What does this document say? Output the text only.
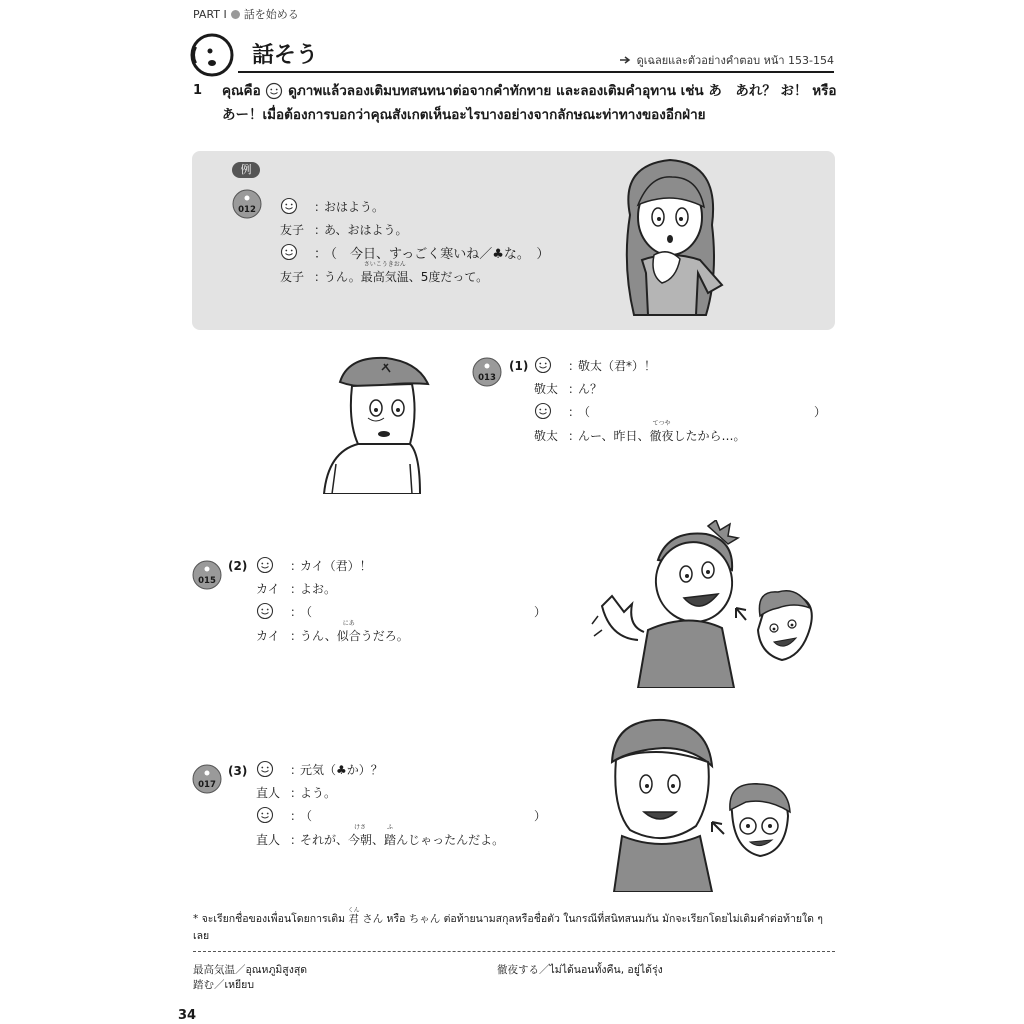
PART I 話を始める
話そう	ดูเฉลยและตัวอย่างคำตอบ หน้า 153-154
1 คุณคือ ดูภาพแล้วลองเติมบทสนทนาต่อจากคำทักทาย และลองเติมคำอุทาน เช่น あ　あれ？ お！ หรือ あー！เมื่อต้องการบอกว่าคุณสังเกตเห็นอะไรบางอย่างจากลักษณะท่าทางของอีกฝ่าย
例
012	：
おはよう。
友子 ：
あ、おはよう。
：
（　今日、すっごく寒いね／♣な。　）
友子 ：
うん。
さいこうきおん
最高気温 、5度だって。
013
(1)	：
敬太（君*）！
敬太 ：
ん？
：
（	）
敬太 ：
んー、昨日、
てつや
徹夜 したから…。
015
(2)	：
カイ（君）！
カイ ：
よお。
：
（	）
カイ ：
うん、
にあ
似合 うだろ。
017
(3)	：
元気（♣か）？
直人 ：
よう。
：
（	）
直人 ：
それが、
けさ
今朝 、
ふ
踏 んじゃったんだよ。
* จะเรียกชื่อของเพื่อนโดยการเติม
くん
君 さん หรือ ちゃん ต่อท้ายนามสกุลหรือชื่อตัว ในกรณีที่สนิทสนมกัน มักจะเรียกโดยไม่เติมคำต่อท้ายใด ๆ เลย
最高気温／อุณหภูมิสูงสุด
踏む／เหยียบ
徹夜する／ไม่ได้นอนทั้งคืน, อยู่ได้รุ่ง
34
